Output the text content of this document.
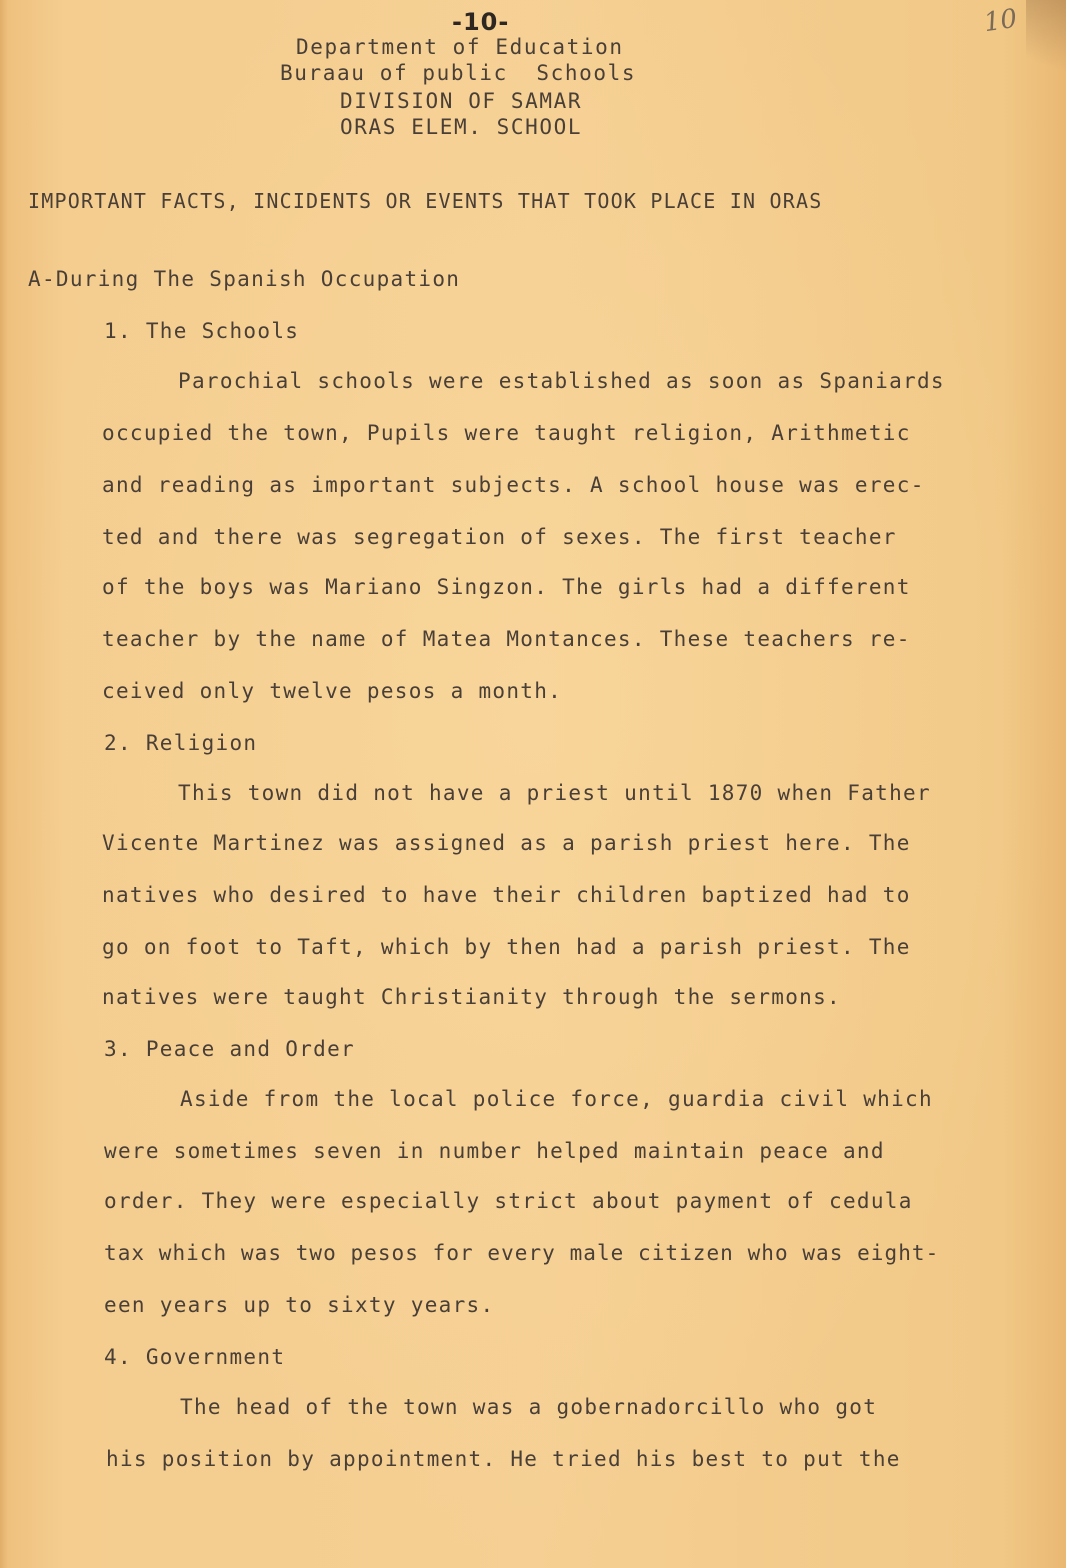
-10-	10
Department of Education
Buraau of public  Schools
DIVISION OF SAMAR
ORAS ELEM. SCHOOL
IMPORTANT FACTS, INCIDENTS OR EVENTS THAT TOOK PLACE IN ORAS
A-During The Spanish Occupation
1. The Schools
Parochial schools were established as soon as Spaniards
occupied the town, Pupils were taught religion, Arithmetic
and reading as important subjects. A school house was erec-
ted and there was segregation of sexes. The first teacher
of the boys was Mariano Singzon. The girls had a different
teacher by the name of Matea Montances. These teachers re-
ceived only twelve pesos a month.
2. Religion
This town did not have a priest until 1870 when Father
Vicente Martinez was assigned as a parish priest here. The
natives who desired to have their children baptized had to
go on foot to Taft, which by then had a parish priest. The
natives were taught Christianity through the sermons.
3. Peace and Order
Aside from the local police force, guardia civil which
were sometimes seven in number helped maintain peace and
order. They were especially strict about payment of cedula
tax which was two pesos for every male citizen who was eight-
een years up to sixty years.
4. Government
The head of the town was a gobernadorcillo who got
his position by appointment. He tried his best to put the
